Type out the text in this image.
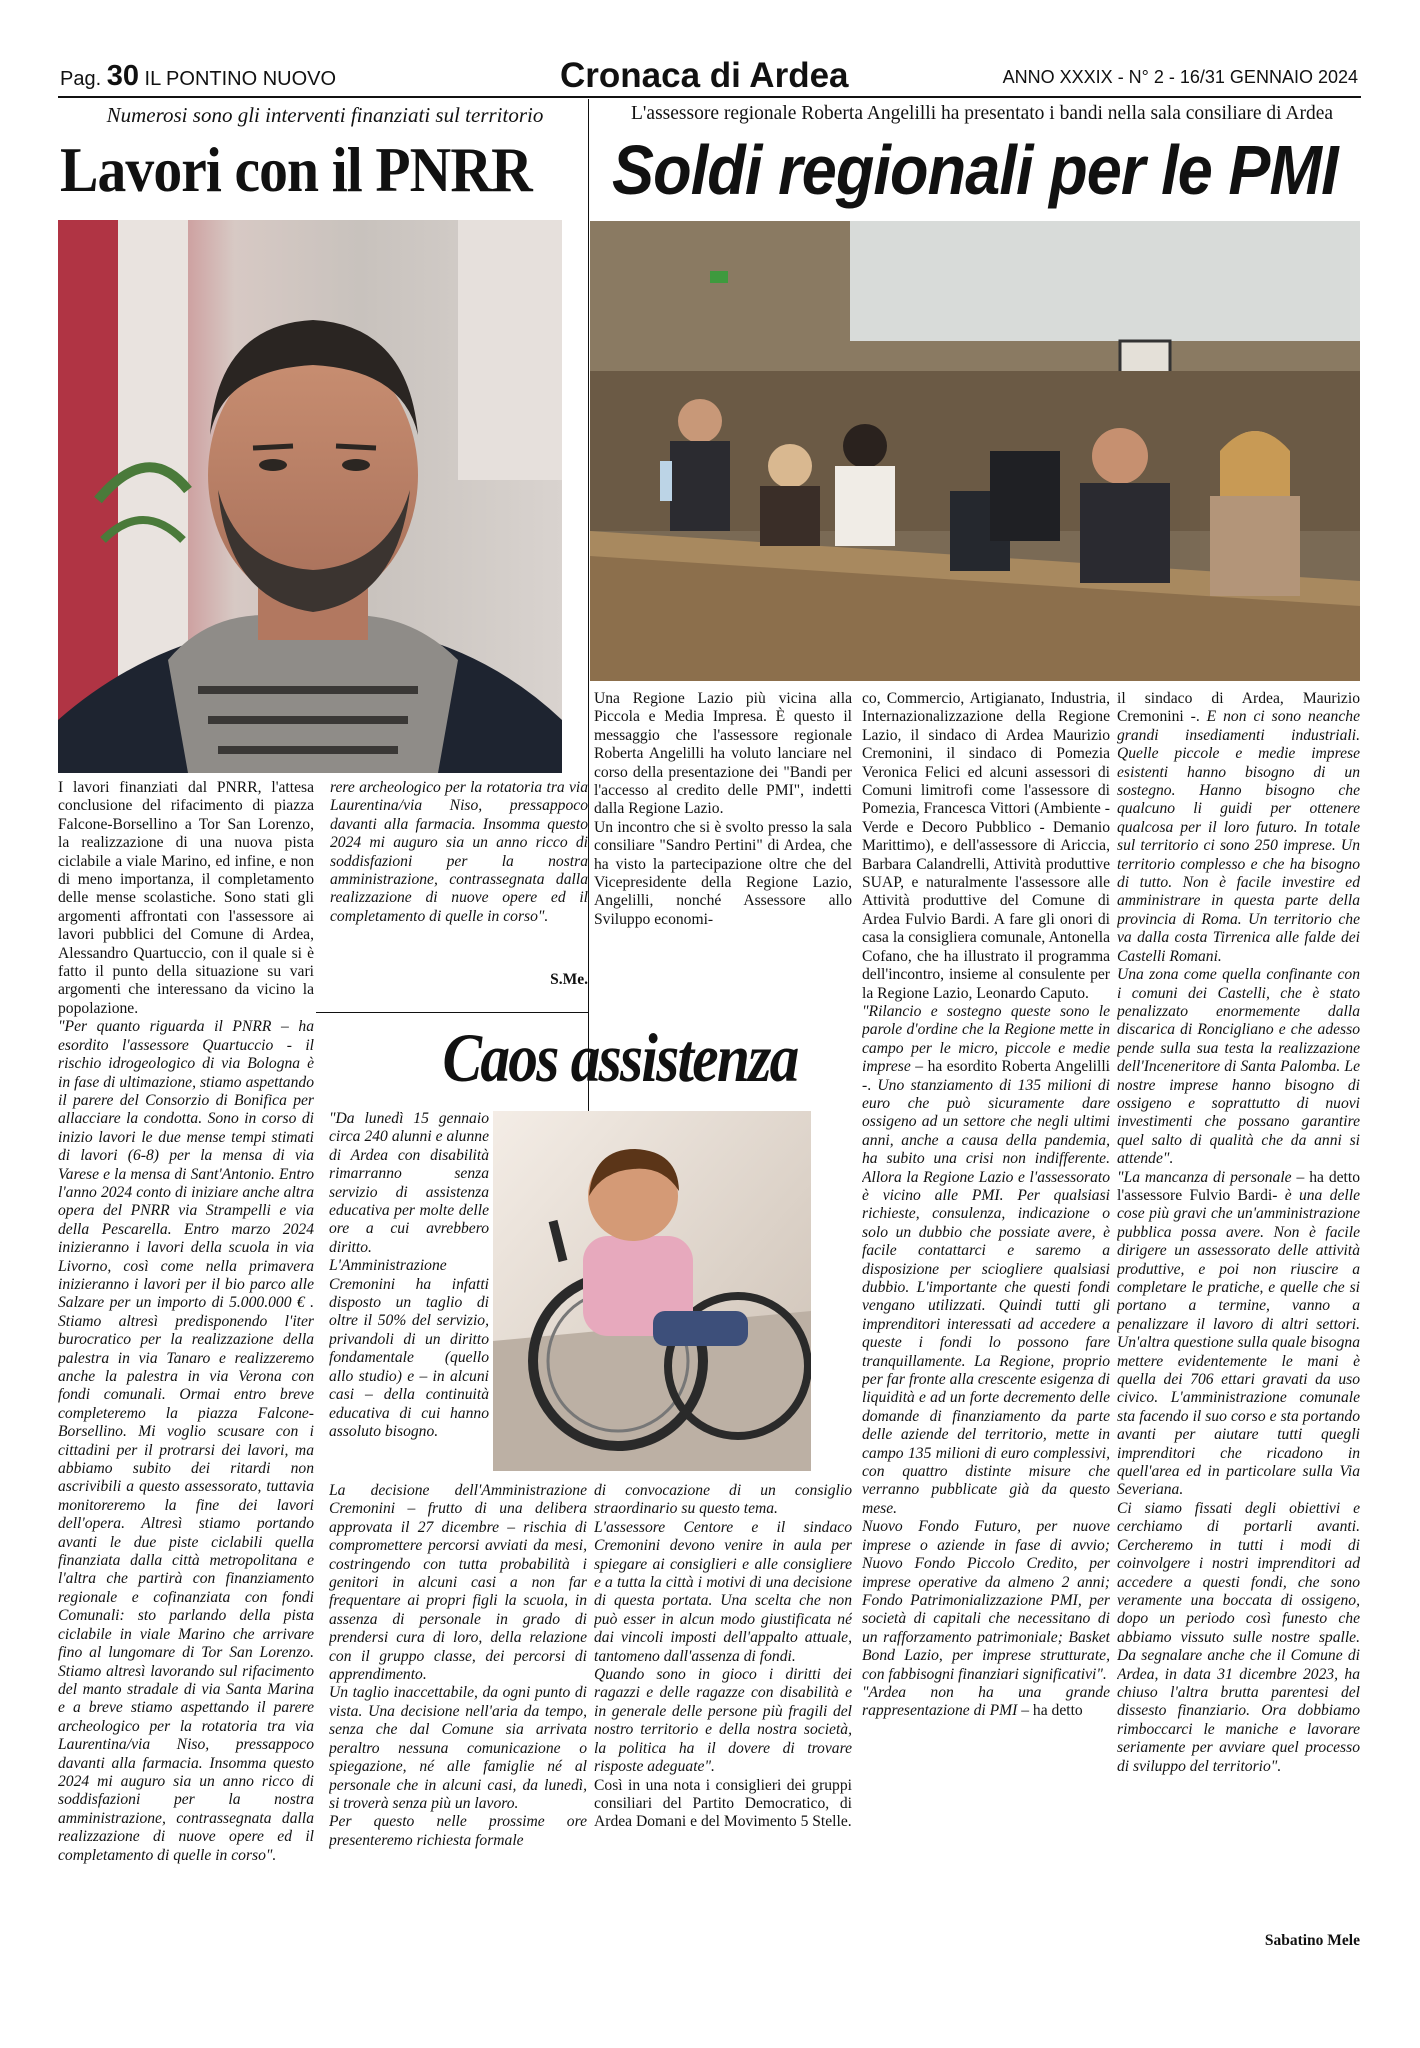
Pag. 30 IL PONTINO NUOVO	Cronaca di Ardea	ANNO XXXIX - N° 2 - 16/31 GENNAIO 2024
Numerosi sono gli interventi finanziati sul territorio
Lavori con il PNRR

I lavori finanziati dal PNRR, l'attesa conclusione del rifacimento di piazza Falcone-Borsellino a Tor San Lorenzo, la realizzazione di una nuova pista ciclabile a viale Marino, ed infine, e non di meno importanza, il completamento delle mense scolastiche. Sono stati gli argomenti affrontati con l'assessore ai lavori pubblici del Comune di Ardea, Alessandro Quartuccio, con il quale si è fatto il punto della situazione su vari argomenti che interessano da vicino la popolazione.

"Per quanto riguarda il PNRR – ha esordito l'assessore Quartuccio - il rischio idrogeologico di via Bologna è in fase di ultimazione, stiamo aspettando il parere del Consorzio di Bonifica per allacciare la condotta. Sono in corso di inizio lavori le due mense tempi stimati di lavori (6-8) per la mensa di via Varese e la mensa di Sant'Antonio. Entro l'anno 2024 conto di iniziare anche altra opera del PNRR via Strampelli e via della Pescarella. Entro marzo 2024 inizieranno i lavori della scuola in via Livorno, così come nella primavera inizieranno i lavori per il bio parco alle Salzare per un importo di 5.000.000 € . Stiamo altresì predisponendo l'iter burocratico per la realizzazione della palestra in via Tanaro e realizzeremo anche la palestra in via Verona con fondi comunali. Ormai entro breve completeremo la piazza Falcone-Borsellino. Mi voglio scusare con i cittadini per il protrarsi dei lavori, ma abbiamo subito dei ritardi non ascrivibili a questo assessorato, tuttavia monitoreremo la fine dei lavori dell'opera. Altresì stiamo portando avanti le due piste ciclabili quella finanziata dalla città metropolitana e l'altra che partirà con finanziamento regionale e cofinanziata con fondi Comunali: sto parlando della pista ciclabile in viale Marino che arrivare fino al lungomare di Tor San Lorenzo. Stiamo altresì lavorando sul rifacimento del manto stradale di via Santa Marina e a breve stiamo aspettando il parere archeologico per la rotatoria tra via Laurentina/via Niso, pressappoco davanti alla farmacia. Insomma questo 2024 mi auguro sia un anno ricco di soddisfazioni per la nostra amministrazione, contrassegnata dalla realizzazione di nuove opere ed il completamento di quelle in corso".

rere archeologico per la rotatoria tra via Laurentina/via Niso, pressappoco davanti alla farmacia. Insomma questo 2024 mi auguro sia un anno ricco di soddisfazioni per la nostra amministrazione, contrassegnata dalla realizzazione di nuove opere ed il completamento di quelle in corso".
S.Me.
Caos assistenza

"Da lunedì 15 gennaio circa 240 alunni e alunne di Ardea con disabilità rimarranno senza servizio di assistenza educativa per molte delle ore a cui avrebbero diritto. L'Amministrazione Cremonini ha infatti disposto un taglio di oltre il 50% del servizio, privandoli di un diritto fondamentale (quello allo studio) e – in alcuni casi – della continuità educativa di cui hanno assoluto bisogno.

La decisione dell'Amministrazione Cremonini – frutto di una delibera approvata il 27 dicembre – rischia di compromettere percorsi avviati da mesi, costringendo con tutta probabilità i genitori in alcuni casi a non far frequentare ai propri figli la scuola, in assenza di personale in grado di prendersi cura di loro, della relazione con il gruppo classe, dei percorsi di apprendimento.

Un taglio inaccettabile, da ogni punto di vista. Una decisione nell'aria da tempo, senza che dal Comune sia arrivata peraltro nessuna comunicazione o spiegazione, né alle famiglie né al personale che in alcuni casi, da lunedì, si troverà senza più un lavoro.

Per questo nelle prossime ore presenteremo richiesta formale

di convocazione di un consiglio straordinario su questo tema.

L'assessore Centore e il sindaco Cremonini devono venire in aula per spiegare ai consiglieri e alle consigliere e a tutta la città i motivi di una decisione di questa portata. Una scelta che non può esser in alcun modo giustificata né dai vincoli imposti dell'appalto attuale, tantomeno dall'assenza di fondi.

Quando sono in gioco i diritti dei ragazzi e delle ragazze con disabilità e in generale delle persone più fragili del nostro territorio e della nostra società, la politica ha il dovere di trovare risposte adeguate".

Così in una nota i consiglieri dei gruppi consiliari del Partito Democratico, di Ardea Domani e del Movimento 5 Stelle.

L'assessore regionale Roberta Angelilli ha presentato i bandi nella sala consiliare di Ardea
Soldi regionali per le PMI

Una Regione Lazio più vicina alla Piccola e Media Impresa. È questo il messaggio che l'assessore regionale Roberta Angelilli ha voluto lanciare nel corso della presentazione dei "Bandi per l'accesso al credito delle PMI", indetti dalla Regione Lazio.

Un incontro che si è svolto presso la sala consiliare "Sandro Pertini" di Ardea, che ha visto la partecipazione oltre che del Vicepresidente della Regione Lazio, Angelilli, nonché Assessore allo Sviluppo economi-

co, Commercio, Artigianato, Industria, Internazionalizzazione della Regione Lazio, il sindaco di Ardea Maurizio Cremonini, il sindaco di Pomezia Veronica Felici ed alcuni assessori di Comuni limitrofi come l'assessore di Pomezia, Francesca Vittori (Ambiente - Verde e Decoro Pubblico - Demanio Marittimo), e dell'assessore di Ariccia, Barbara Calandrelli, Attività produttive SUAP, e naturalmente l'assessore alle Attività produttive del Comune di Ardea Fulvio Bardi. A fare gli onori di casa la consigliera comunale, Antonella Cofano, che ha illustrato il programma dell'incontro, insieme al consulente per la Regione Lazio, Leonardo Caputo.

"Rilancio e sostegno queste sono le parole d'ordine che la Regione mette in campo per le micro, piccole e medie imprese – ha esordito Roberta Angelilli -. Uno stanziamento di 135 milioni di euro che può sicuramente dare ossigeno ad un settore che negli ultimi anni, anche a causa della pandemia, ha subito una crisi non indifferente. Allora la Regione Lazio e l'assessorato è vicino alle PMI. Per qualsiasi richieste, consulenza, indicazione o solo un dubbio che possiate avere, è facile contattarci e saremo a disposizione per sciogliere qualsiasi dubbio. L'importante che questi fondi vengano utilizzati. Quindi tutti gli imprenditori interessati ad accedere a queste i fondi lo possono fare tranquillamente. La Regione, proprio per far fronte alla crescente esigenza di liquidità e ad un forte decremento delle domande di finanziamento da parte delle aziende del territorio, mette in campo 135 milioni di euro complessivi, con quattro distinte misure che verranno pubblicate già da questo mese.

Nuovo Fondo Futuro, per nuove imprese o aziende in fase di avvio; Nuovo Fondo Piccolo Credito, per imprese operative da almeno 2 anni; Fondo Patrimonializzazione PMI, per società di capitali che necessitano di un rafforzamento patrimoniale; Basket Bond Lazio, per imprese strutturate, con fabbisogni finanziari significativi".

"Ardea non ha una grande rappresentazione di PMI – ha detto

il sindaco di Ardea, Maurizio Cremonini -. E non ci sono neanche grandi insediamenti industriali. Quelle piccole e medie imprese esistenti hanno bisogno di un sostegno. Hanno bisogno che qualcuno li guidi per ottenere qualcosa per il loro futuro. In totale sul territorio ci sono 250 imprese. Un territorio complesso e che ha bisogno di tutto. Non è facile investire ed amministrare in questa parte della provincia di Roma. Un territorio che va dalla costa Tirrenica alle falde dei Castelli Romani.

Una zona come quella confinante con i comuni dei Castelli, che è stato penalizzato enormemente dalla discarica di Roncigliano e che adesso pende sulla sua testa la realizzazione dell'Inceneritore di Santa Palomba. Le nostre imprese hanno bisogno di ossigeno e soprattutto di nuovi investimenti che possano garantire quel salto di qualità che da anni si attende".

"La mancanza di personale – ha detto l'assessore Fulvio Bardi- è una delle cose più gravi che un'amministrazione pubblica possa avere. Non è facile dirigere un assessorato delle attività produttive, e poi non riuscire a completare le pratiche, e quelle che si portano a termine, vanno a penalizzare il lavoro di altri settori. Un'altra questione sulla quale bisogna mettere evidentemente le mani è quella dei 706 ettari gravati da uso civico. L'amministrazione comunale sta facendo il suo corso e sta portando avanti per aiutare tutti quegli imprenditori che ricadono in quell'area ed in particolare sulla Via Severiana.

Ci siamo fissati degli obiettivi e cerchiamo di portarli avanti. Cercheremo in tutti i modi di coinvolgere i nostri imprenditori ad accedere a questi fondi, che sono veramente una boccata di ossigeno, dopo un periodo così funesto che abbiamo vissuto sulle nostre spalle. Da segnalare anche che il Comune di Ardea, in data 31 dicembre 2023, ha chiuso l'altra brutta parentesi del dissesto finanziario. Ora dobbiamo rimboccarci le maniche e lavorare seriamente per avviare quel processo di sviluppo del territorio".

Sabatino Mele
